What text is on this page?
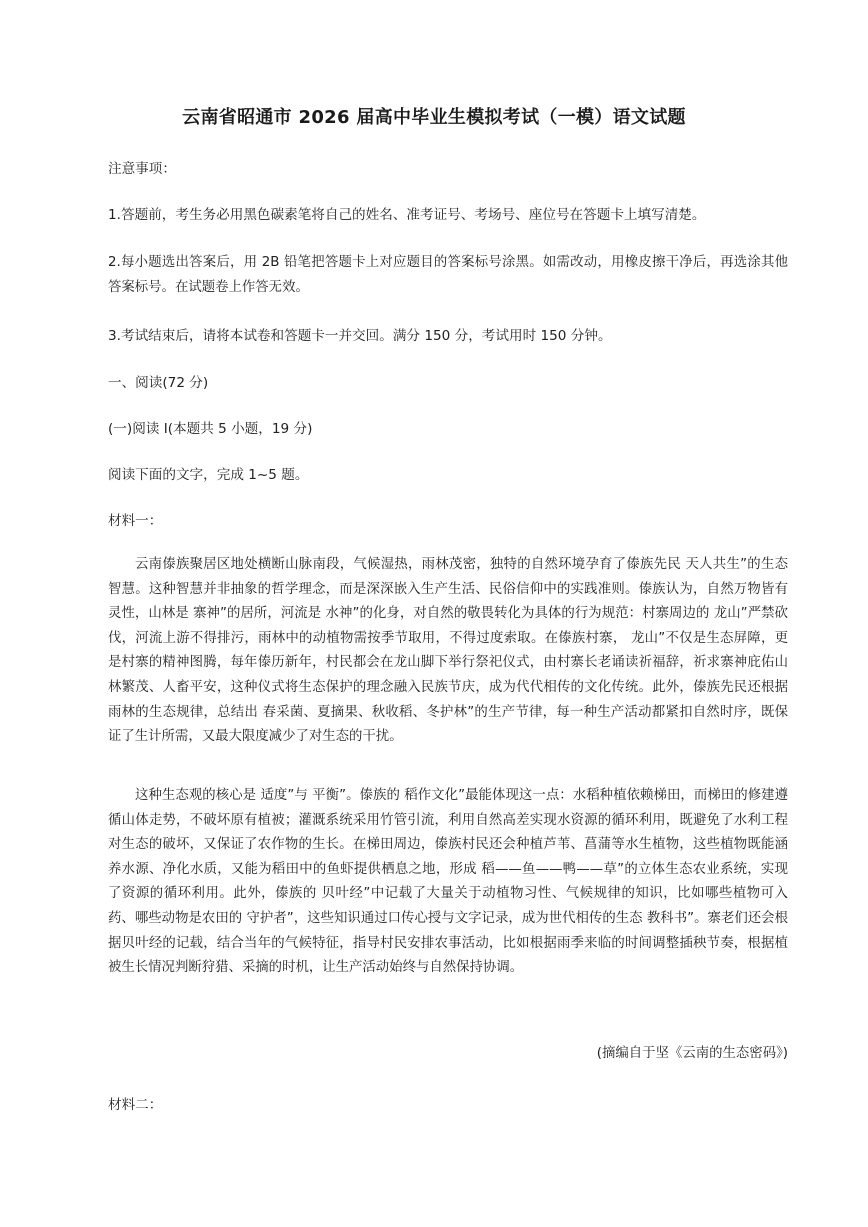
云南省昭通市 2026 届高中毕业生模拟考试（一模）语文试题
注意事项：
1.答题前，考生务必用黑色碳素笔将自己的姓名、准考证号、考场号、座位号在答题卡上填写清楚。
2.每小题选出答案后，用 2B 铅笔把答题卡上对应题目的答案标号涂黑。如需改动，用橡皮擦干净后，再选涂其他答案标号。在试题卷上作答无效。
3.考试结束后，请将本试卷和答题卡一并交回。满分 150 分，考试用时 150 分钟。
一、阅读(72 分)
(一)阅读 I(本题共 5 小题，19 分)
阅读下面的文字，完成 1~5 题。
材料一：
云南傣族聚居区地处横断山脉南段，气候湿热，雨林茂密，独特的自然环境孕育了傣族先民 天人共生”的生态智慧。这种智慧并非抽象的哲学理念，而是深深嵌入生产生活、民俗信仰中的实践准则。傣族认为，自然万物皆有灵性，山林是 寨神”的居所，河流是 水神”的化身，对自然的敬畏转化为具体的行为规范：村寨周边的 龙山”严禁砍伐，河流上游不得排污，雨林中的动植物需按季节取用，不得过度索取。在傣族村寨， 龙山”不仅是生态屏障，更是村寨的精神图腾，每年傣历新年，村民都会在龙山脚下举行祭祀仪式，由村寨长老诵读祈福辞，祈求寨神庇佑山林繁茂、人畜平安，这种仪式将生态保护的理念融入民族节庆，成为代代相传的文化传统。此外，傣族先民还根据雨林的生态规律，总结出 春采菌、夏摘果、秋收稻、冬护林”的生产节律，每一种生产活动都紧扣自然时序，既保证了生计所需，又最大限度减少了对生态的干扰。
这种生态观的核心是 适度”与 平衡”。傣族的 稻作文化”最能体现这一点：水稻种植依赖梯田，而梯田的修建遵循山体走势，不破坏原有植被；灌溉系统采用竹管引流，利用自然高差实现水资源的循环利用，既避免了水利工程对生态的破坏，又保证了农作物的生长。在梯田周边，傣族村民还会种植芦苇、菖蒲等水生植物，这些植物既能涵养水源、净化水质，又能为稻田中的鱼虾提供栖息之地，形成 稻——鱼——鸭——草”的立体生态农业系统，实现了资源的循环利用。此外，傣族的 贝叶经”中记载了大量关于动植物习性、气候规律的知识，比如哪些植物可入药、哪些动物是农田的 守护者”，这些知识通过口传心授与文字记录，成为世代相传的生态 教科书”。寨老们还会根据贝叶经的记载，结合当年的气候特征，指导村民安排农事活动，比如根据雨季来临的时间调整插秧节奏，根据植被生长情况判断狩猎、采摘的时机，让生产活动始终与自然保持协调。
(摘编自于坚《云南的生态密码》)
材料二：
